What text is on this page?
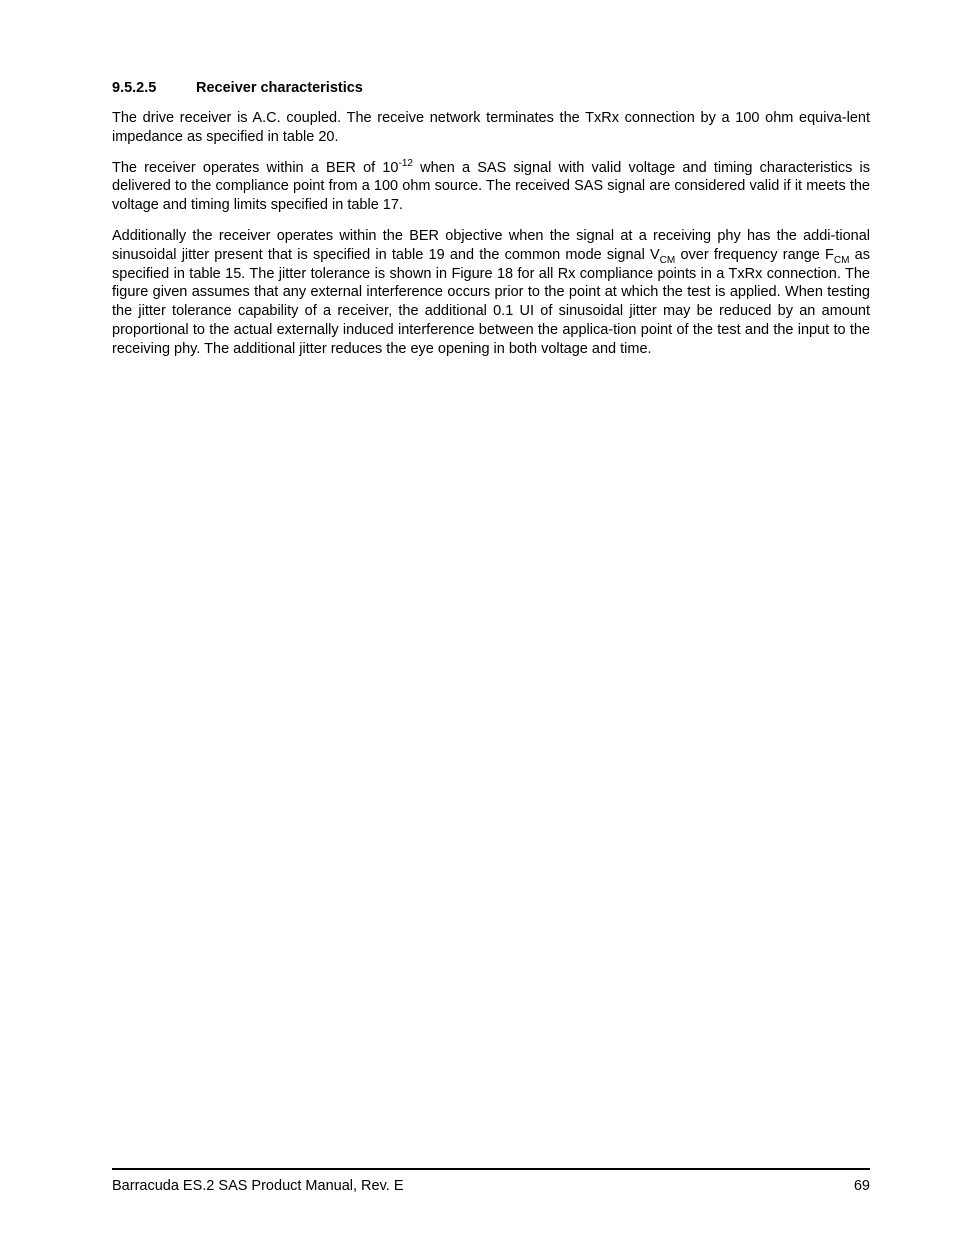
9.5.2.5	Receiver characteristics

The drive receiver is A.C. coupled. The receive network terminates the TxRx connection by a 100 ohm equiva-lent impedance as specified in table 20.

The receiver operates within a BER of $10^{-12}$ when a SAS signal with valid voltage and timing characteristics is delivered to the compliance point from a 100 ohm source. The received SAS signal are considered valid if it meets the voltage and timing limits specified in table 17.

Additionally the receiver operates within the BER objective when the signal at a receiving phy has the addi-tional sinusoidal jitter present that is specified in table 19 and the common mode signal $V_{CM}$ over frequency range $F_{CM}$ as specified in table 15. The jitter tolerance is shown in Figure 18 for all Rx compliance points in a TxRx connection. The figure given assumes that any external interference occurs prior to the point at which the test is applied. When testing the jitter tolerance capability of a receiver, the additional 0.1 UI of sinusoidal jitter may be reduced by an amount proportional to the actual externally induced interference between the applica-tion point of the test and the input to the receiving phy. The additional jitter reduces the eye opening in both voltage and time.

Barracuda ES.2 SAS Product Manual, Rev. E	69
